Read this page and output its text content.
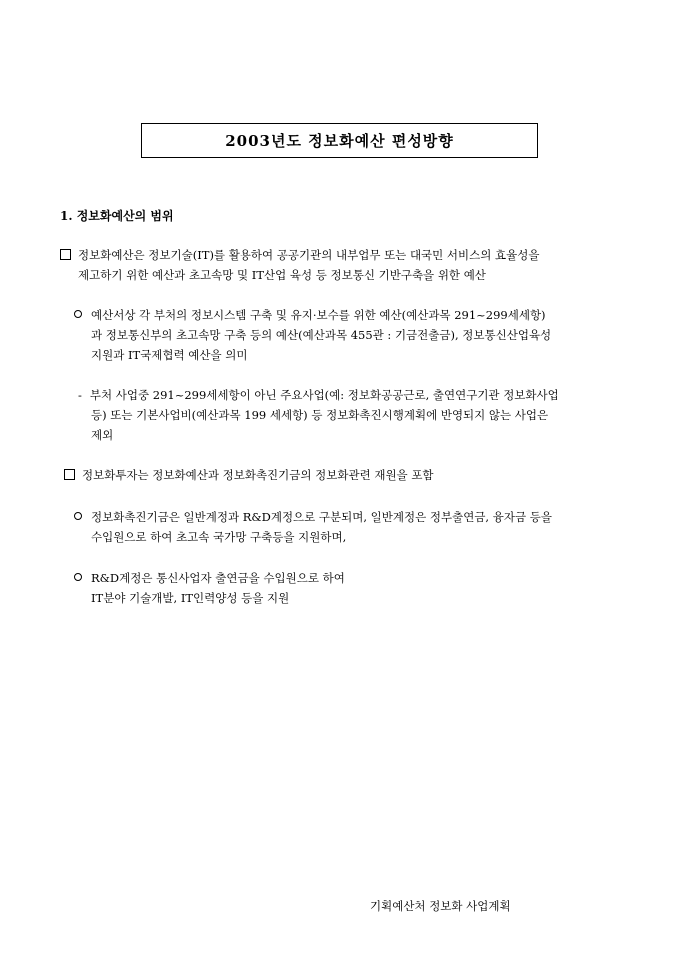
2003년도 정보화예산 편성방향
1. 정보화예산의 범위
정보화예산은 정보기술(IT)를 활용하여 공공기관의 내부업무 또는 대국민 서비스의 효율성을
제고하기 위한 예산과 초고속망 및 IT산업 육성 등 정보통신 기반구축을 위한 예산
예산서상 각 부처의 정보시스템 구축 및 유지·보수를 위한 예산(예산과목 291~299세세항)
과 정보통신부의 초고속망 구축 등의 예산(예산과목 455관 : 기금전출금), 정보통신산업육성
지원과 IT국제협력 예산을 의미
- 부처 사업중 291~299세세항이 아닌 주요사업(예: 정보화공공근로, 출연연구기관 정보화사업
등) 또는 기본사업비(예산과목 199 세세항) 등 정보화촉진시행계획에 반영되지 않는 사업은
제외
정보화투자는 정보화예산과 정보화촉진기금의 정보화관련 재원을 포함
정보화촉진기금은 일반계정과 R&D계정으로 구분되며, 일반계정은 정부출연금, 융자금 등을
수입원으로 하여 초고속 국가망 구축등을 지원하며,
R&D계정은 통신사업자 출연금을 수입원으로 하여
IT분야 기술개발, IT인력양성 등을 지원
기획예산처 정보화 사업계획
